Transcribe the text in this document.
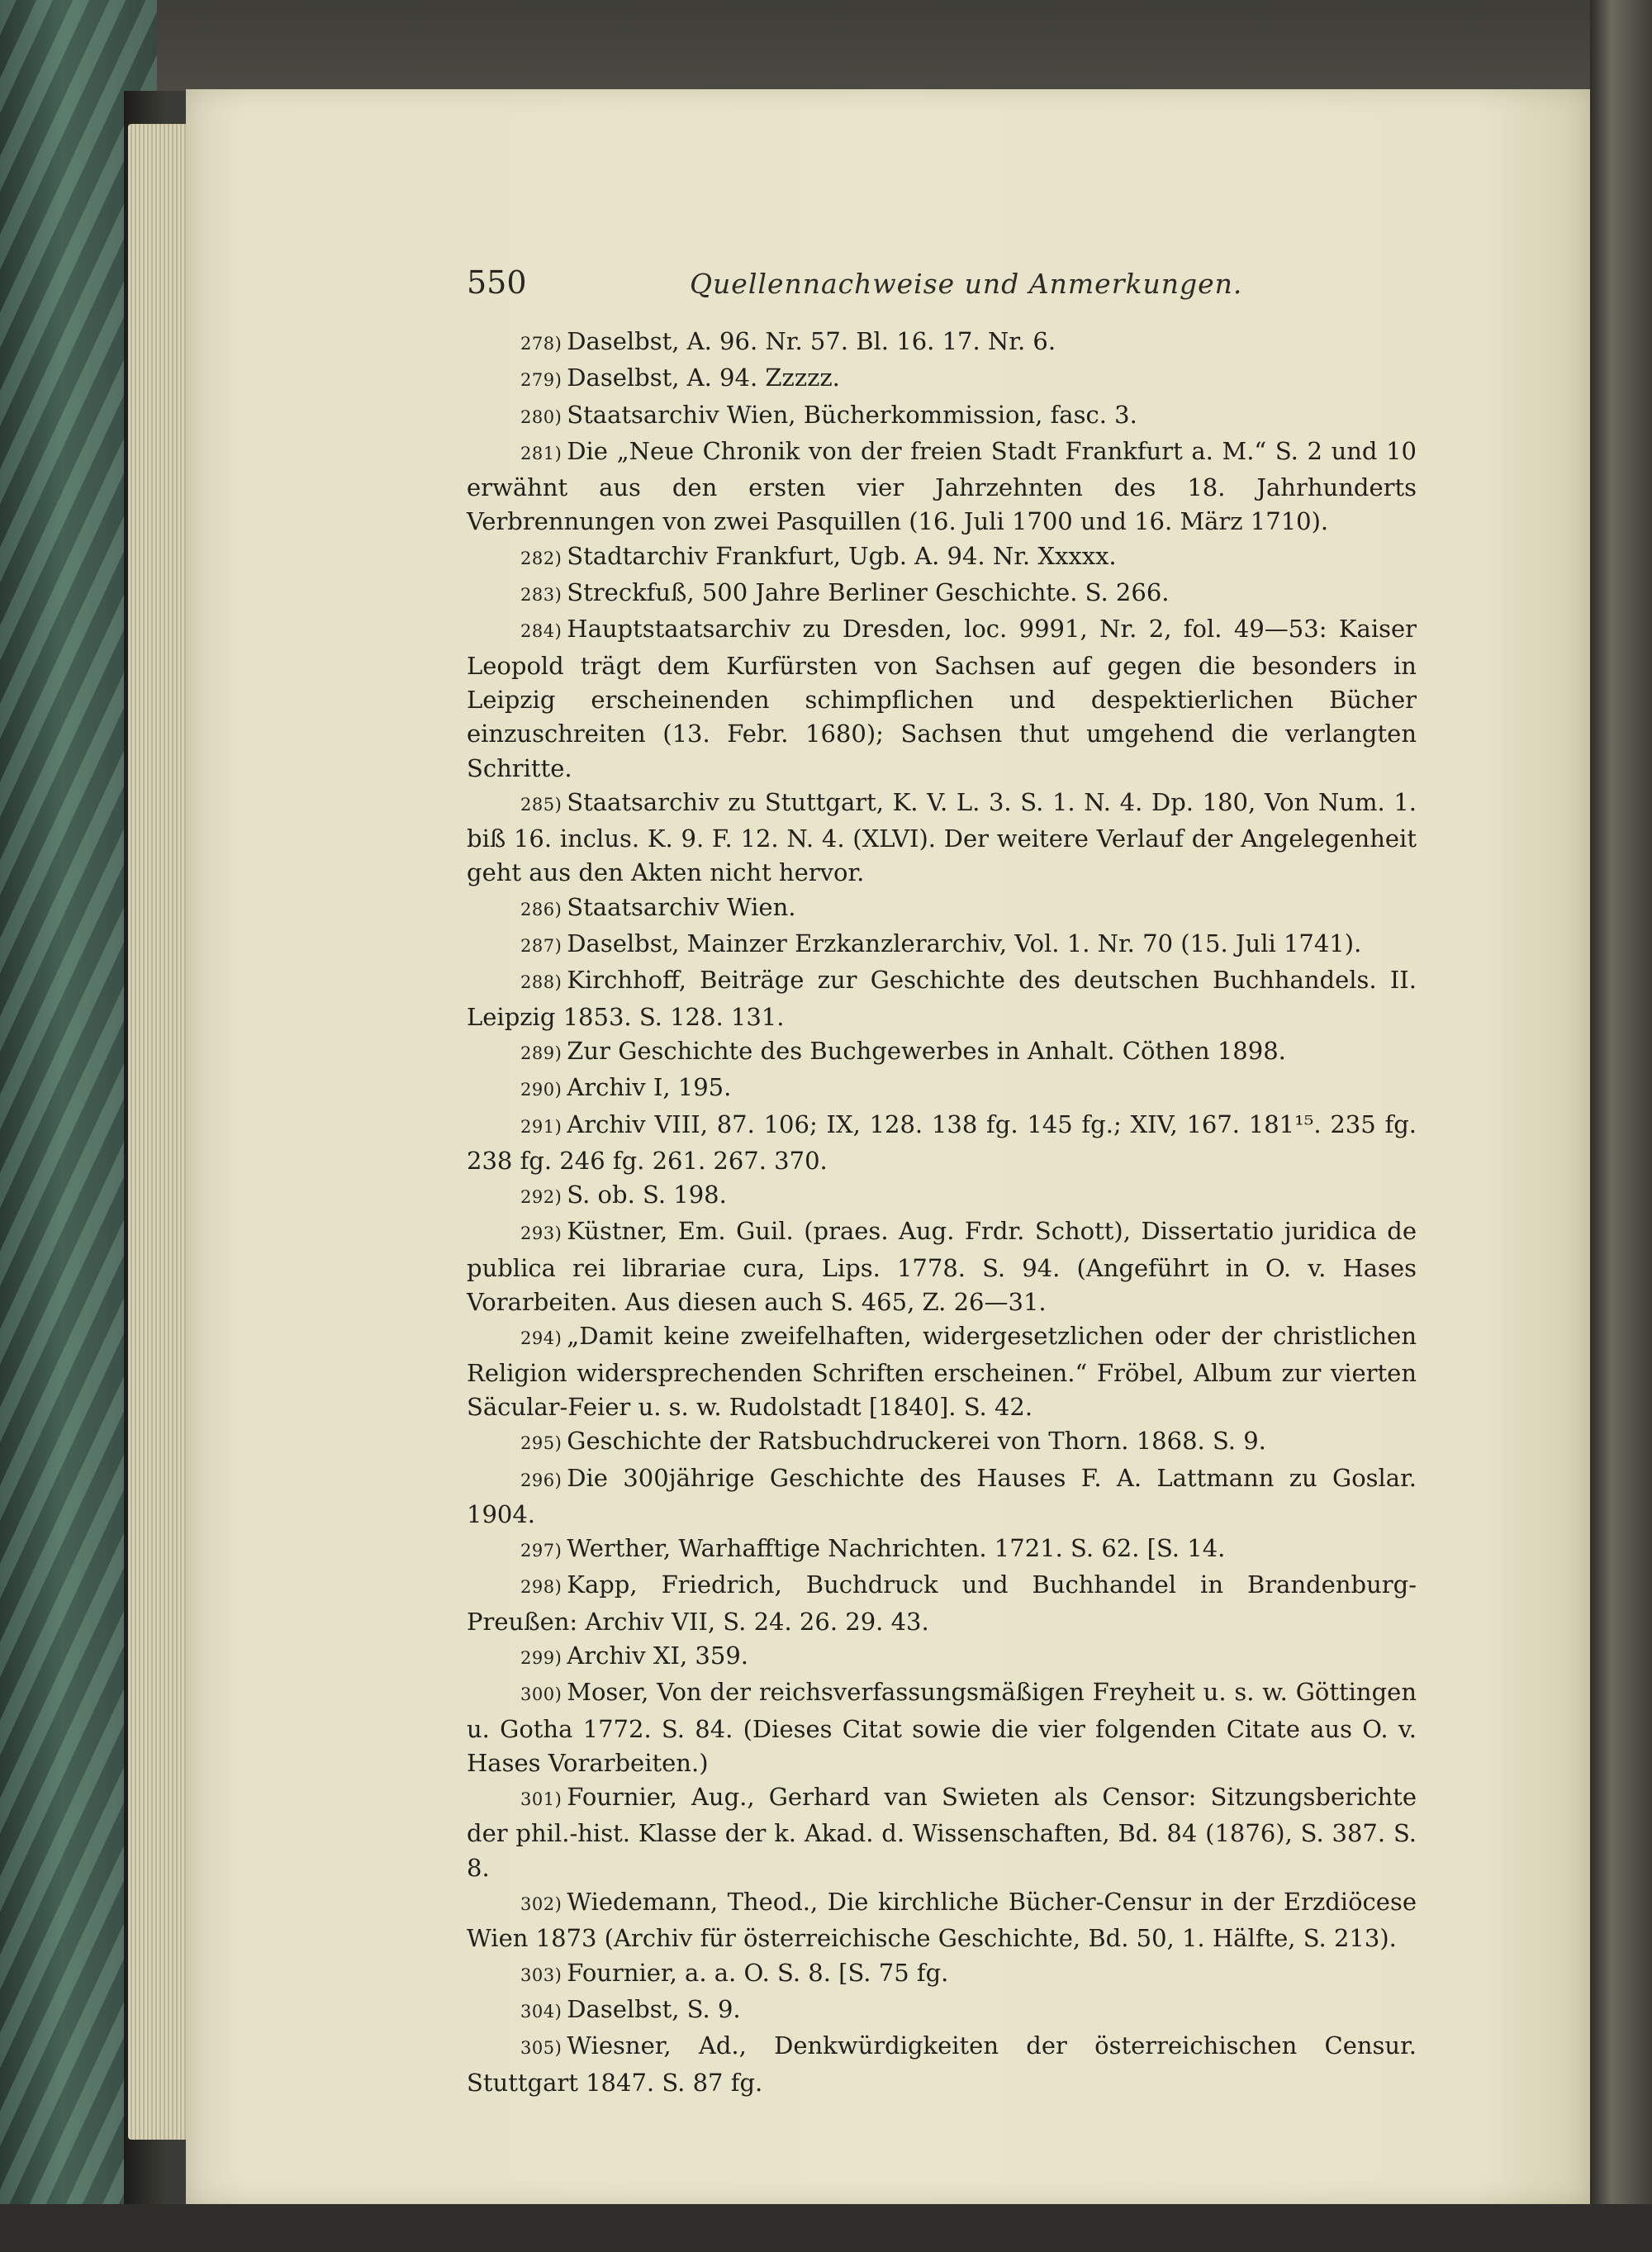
550	Quellennachweise und Anmerkungen.

278) Daselbst, A. 96. Nr. 57. Bl. 16. 17. Nr. 6.

279) Daselbst, A. 94. Zzzzz.

280) Staatsarchiv Wien, Bücherkommission, fasc. 3.

281) Die „Neue Chronik von der freien Stadt Frankfurt a. M.“ S. 2 und 10 erwähnt aus den ersten vier Jahrzehnten des 18. Jahrhunderts Verbrennungen von zwei Pasquillen (16. Juli 1700 und 16. März 1710).

282) Stadtarchiv Frankfurt, Ugb. A. 94. Nr. Xxxxx.

283) Streckfuß, 500 Jahre Berliner Geschichte. S. 266.

284) Hauptstaatsarchiv zu Dresden, loc. 9991, Nr. 2, fol. 49—53: Kaiser Leopold trägt dem Kurfürsten von Sachsen auf gegen die besonders in Leipzig erscheinenden schimpflichen und despektierlichen Bücher einzuschreiten (13. Febr. 1680); Sachsen thut umgehend die verlangten Schritte.

285) Staatsarchiv zu Stuttgart, K. V. L. 3. S. 1. N. 4. Dp. 180, Von Num. 1. biß 16. inclus. K. 9. F. 12. N. 4. (XLVI). Der weitere Verlauf der Angelegenheit geht aus den Akten nicht hervor.

286) Staatsarchiv Wien.

287) Daselbst, Mainzer Erzkanzlerarchiv, Vol. 1. Nr. 70 (15. Juli 1741).

288) Kirchhoff, Beiträge zur Geschichte des deutschen Buchhandels. II. Leipzig 1853. S. 128. 131.

289) Zur Geschichte des Buchgewerbes in Anhalt. Cöthen 1898.

290) Archiv I, 195.

291) Archiv VIII, 87. 106; IX, 128. 138 fg. 145 fg.; XIV, 167. 181¹⁵. 235 fg. 238 fg. 246 fg. 261. 267. 370.

292) S. ob. S. 198.

293) Küstner, Em. Guil. (praes. Aug. Frdr. Schott), Dissertatio juridica de publica rei librariae cura, Lips. 1778. S. 94. (Angeführt in O. v. Hases Vorarbeiten. Aus diesen auch S. 465, Z. 26—31.

294) „Damit keine zweifelhaften, widergesetzlichen oder der christlichen Religion widersprechenden Schriften erscheinen.“ Fröbel, Album zur vierten Säcular-Feier u. s. w. Rudolstadt [1840]. S. 42.

295) Geschichte der Ratsbuchdruckerei von Thorn. 1868. S. 9.

296) Die 300jährige Geschichte des Hauses F. A. Lattmann zu Goslar. 1904.

297) Werther, Warhafftige Nachrichten. 1721. S. 62. [S. 14.

298) Kapp, Friedrich, Buchdruck und Buchhandel in Brandenburg-Preußen: Archiv VII, S. 24. 26. 29. 43.

299) Archiv XI, 359.

300) Moser, Von der reichsverfassungsmäßigen Freyheit u. s. w. Göttingen u. Gotha 1772. S. 84. (Dieses Citat sowie die vier folgenden Citate aus O. v. Hases Vorarbeiten.)

301) Fournier, Aug., Gerhard van Swieten als Censor: Sitzungsberichte der phil.-hist. Klasse der k. Akad. d. Wissenschaften, Bd. 84 (1876), S. 387. S. 8.

302) Wiedemann, Theod., Die kirchliche Bücher-Censur in der Erzdiöcese Wien 1873 (Archiv für österreichische Geschichte, Bd. 50, 1. Hälfte, S. 213).

303) Fournier, a. a. O. S. 8. [S. 75 fg.

304) Daselbst, S. 9.

305) Wiesner, Ad., Denkwürdigkeiten der österreichischen Censur. Stuttgart 1847. S. 87 fg.
